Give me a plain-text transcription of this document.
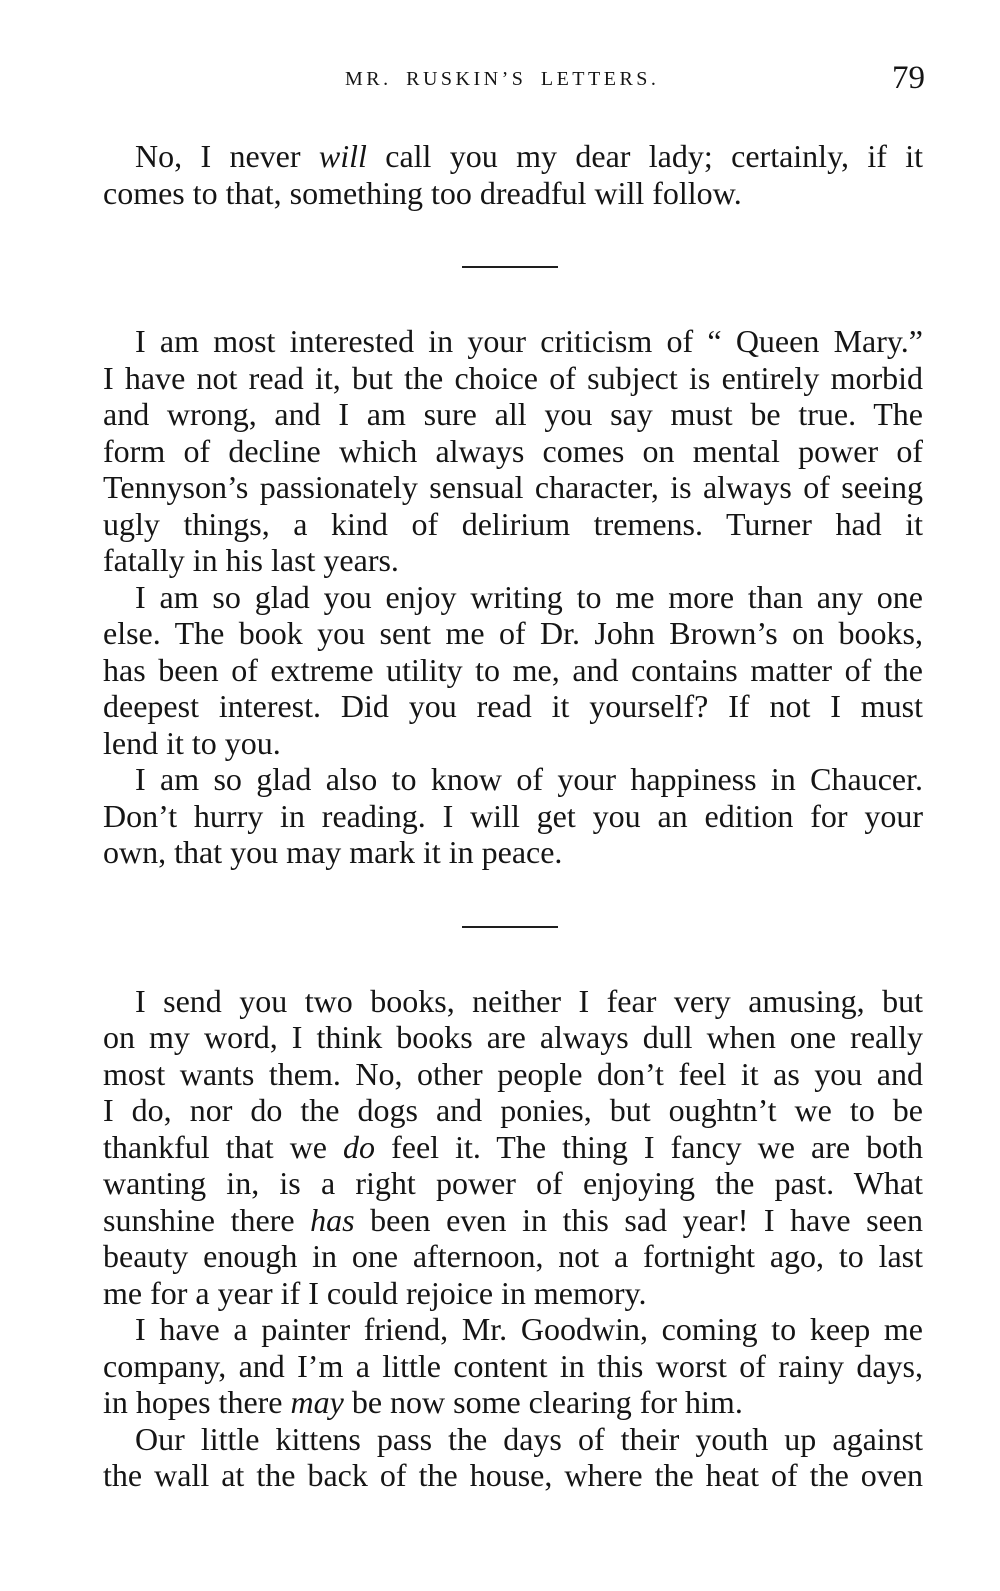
MR. RUSKIN’S LETTERS.	79
No, I never will call you my dear lady; certainly, if it
comes to that, something too dreadful will follow.
I am most interested in your criticism of “ Queen Mary.”
I have not read it, but the choice of subject is entirely morbid
and wrong, and I am sure all you say must be true. The
form of decline which always comes on mental power of
Tennyson’s passionately sensual character, is always of seeing
ugly things, a kind of delirium tremens. Turner had it
fatally in his last years.
I am so glad you enjoy writing to me more than any one
else. The book you sent me of Dr. John Brown’s on books,
has been of extreme utility to me, and contains matter of the
deepest interest. Did you read it yourself? If not I must
lend it to you.
I am so glad also to know of your happiness in Chaucer.
Don’t hurry in reading. I will get you an edition for your
own, that you may mark it in peace.
I send you two books, neither I fear very amusing, but
on my word, I think books are always dull when one really
most wants them. No, other people don’t feel it as you and
I do, nor do the dogs and ponies, but oughtn’t we to be
thankful that we do feel it. The thing I fancy we are both
wanting in, is a right power of enjoying the past. What
sunshine there has been even in this sad year! I have seen
beauty enough in one afternoon, not a fortnight ago, to last
me for a year if I could rejoice in memory.
I have a painter friend, Mr. Goodwin, coming to keep me
company, and I’m a little content in this worst of rainy days,
in hopes there may be now some clearing for him.
Our little kittens pass the days of their youth up against
the wall at the back of the house, where the heat of the oven
